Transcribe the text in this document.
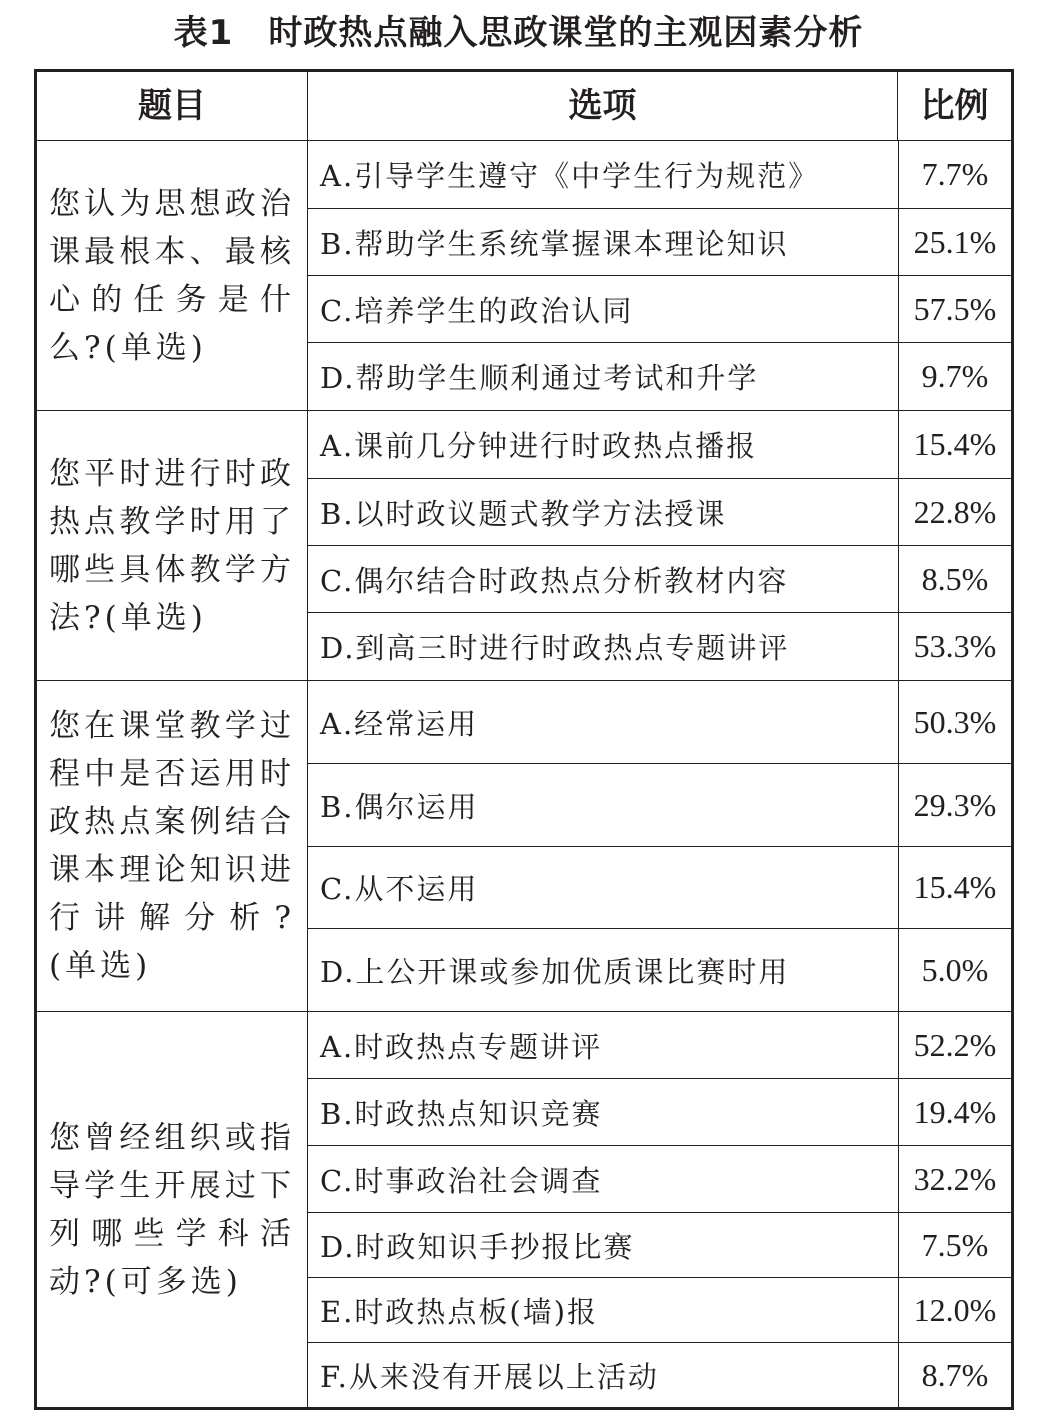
表1　时政热点融入思政课堂的主观因素分析
题目	选项	比例
您认为思想政治课最根本、最核心的任务是什么?(单选)
A.引导学生遵守《中学生行为规范》	7.7%
B.帮助学生系统掌握课本理论知识	25.1%
C.培养学生的政治认同	57.5%
D.帮助学生顺利通过考试和升学	9.7%
您平时进行时政热点教学时用了哪些具体教学方法?(单选)
A.课前几分钟进行时政热点播报	15.4%
B.以时政议题式教学方法授课	22.8%
C.偶尔结合时政热点分析教材内容	8.5%
D.到高三时进行时政热点专题讲评	53.3%
您在课堂教学过程中是否运用时政热点案例结合课本理论知识进行讲解分析?(单选)
A.经常运用	50.3%
B.偶尔运用	29.3%
C.从不运用	15.4%
D.上公开课或参加优质课比赛时用	5.0%
您曾经组织或指导学生开展过下列哪些学科活动?(可多选)
A.时政热点专题讲评	52.2%
B.时政热点知识竞赛	19.4%
C.时事政治社会调查	32.2%
D.时政知识手抄报比赛	7.5%
E.时政热点板(墙)报	12.0%
F.从来没有开展以上活动	8.7%
